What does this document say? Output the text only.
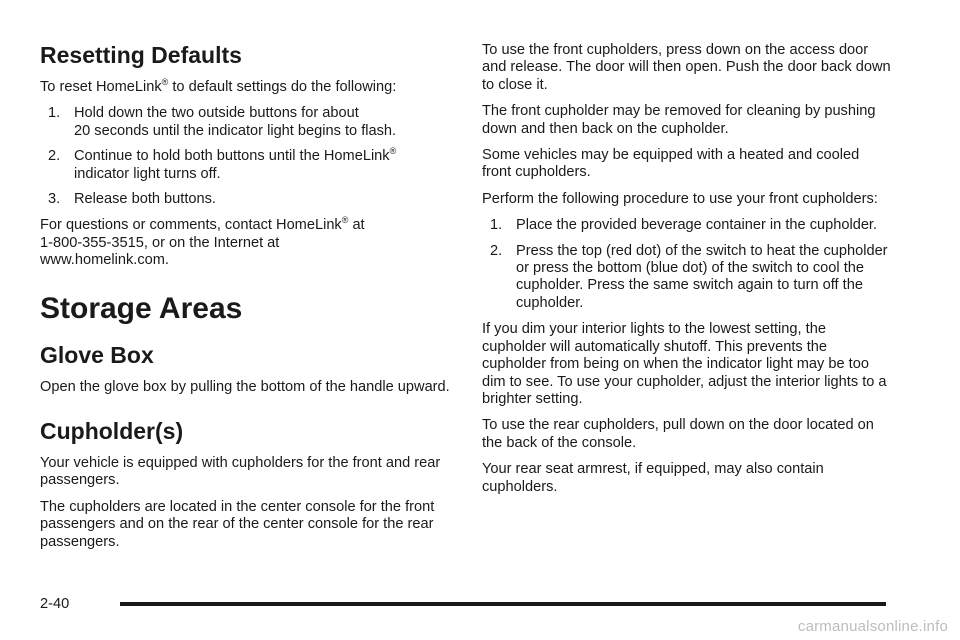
Resetting Defaults

To reset HomeLink® to default settings do the following:

1. Hold down the two outside buttons for about
20 seconds until the indicator light begins to flash.
2. Continue to hold both buttons until the HomeLink®
indicator light turns off.
3. Release both buttons.

For questions or comments, contact HomeLink® at
1-800-355-3515, or on the Internet at
www.homelink.com.

Storage Areas
Glove Box

Open the glove box by pulling the bottom of the handle upward.

Cupholder(s)

Your vehicle is equipped with cupholders for the front and rear passengers.

The cupholders are located in the center console for the front passengers and on the rear of the center console for the rear passengers.

To use the front cupholders, press down on the access door and release. The door will then open. Push the door back down to close it.

The front cupholder may be removed for cleaning by pushing down and then back on the cupholder.

Some vehicles may be equipped with a heated and cooled front cupholders.

Perform the following procedure to use your front cupholders:

1. Place the provided beverage container in the cupholder.
2. Press the top (red dot) of the switch to heat the cupholder or press the bottom (blue dot) of the switch to cool the cupholder. Press the same switch again to turn off the cupholder.

If you dim your interior lights to the lowest setting, the cupholder will automatically shutoff. This prevents the cupholder from being on when the indicator light may be too dim to see. To use your cupholder, adjust the interior lights to a brighter setting.

To use the rear cupholders, pull down on the door located on the back of the console.

Your rear seat armrest, if equipped, may also contain cupholders.

2-40
carmanualsonline.info
